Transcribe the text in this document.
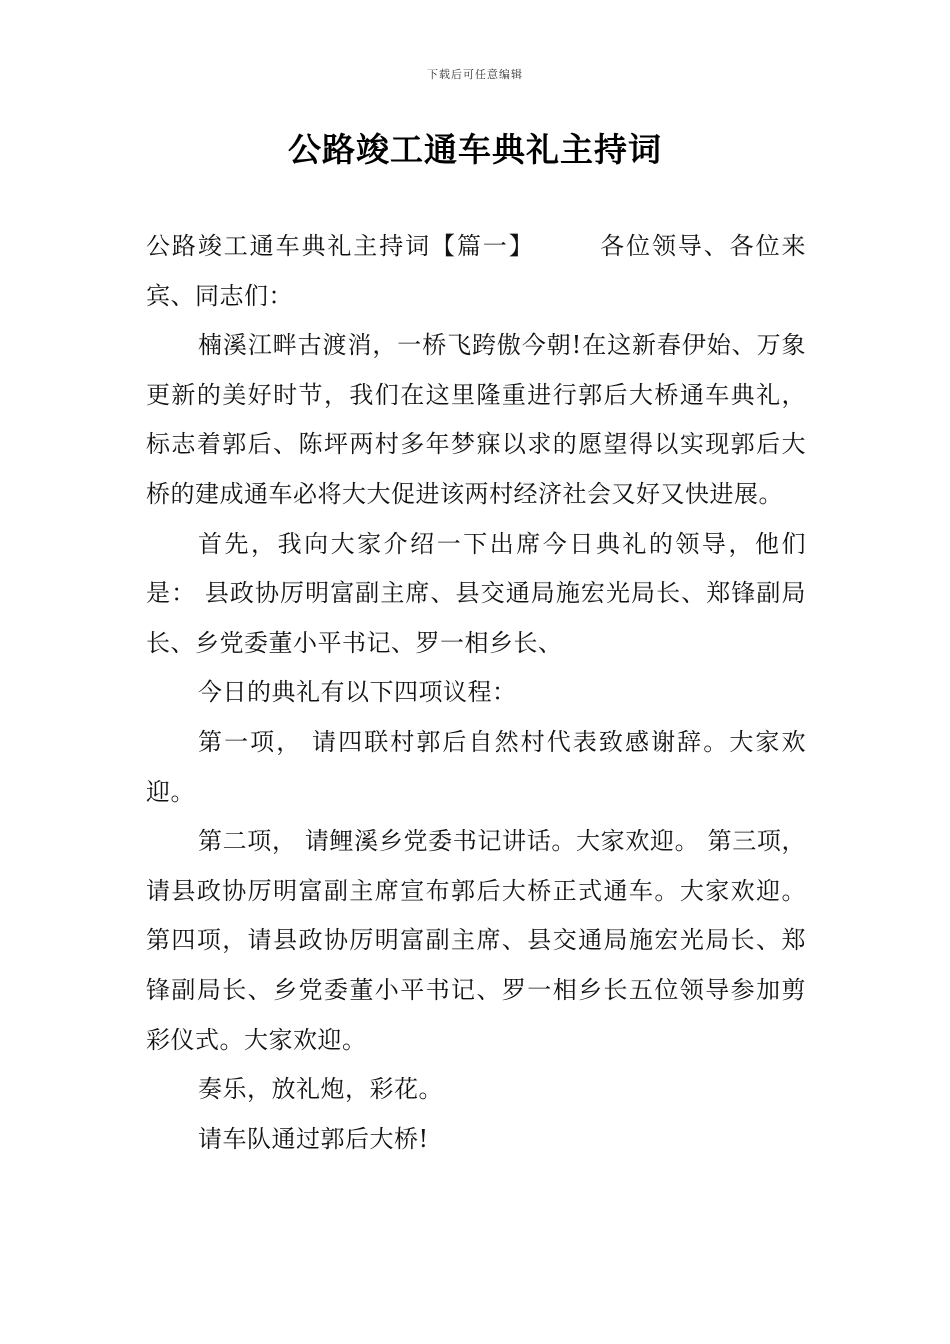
下载后可任意编辑
公路竣工通车典礼主持词

公路竣工通车典礼主持词【篇一】	各位领导、各位来宾、同志们：

楠溪江畔古渡消，一桥飞跨傲今朝!在这新春伊始、万象更新的美好时节，我们在这里隆重进行郭后大桥通车典礼，标志着郭后、陈坪两村多年梦寐以求的愿望得以实现郭后大桥的建成通车必将大大促进该两村经济社会又好又快进展。

首先，我向大家介绍一下出席今日典礼的领导，他们是： 县政协厉明富副主席、县交通局施宏光局长、郑锋副局长、乡党委董小平书记、罗一相乡长、

今日的典礼有以下四项议程：

第一项， 请四联村郭后自然村代表致感谢辞。大家欢迎。

第二项， 请鲤溪乡党委书记讲话。大家欢迎。 第三项，请县政协厉明富副主席宣布郭后大桥正式通车。大家欢迎。 第四项，请县政协厉明富副主席、县交通局施宏光局长、郑锋副局长、乡党委董小平书记、罗一相乡长五位领导参加剪彩仪式。大家欢迎。

奏乐，放礼炮，彩花。

请车队通过郭后大桥!
